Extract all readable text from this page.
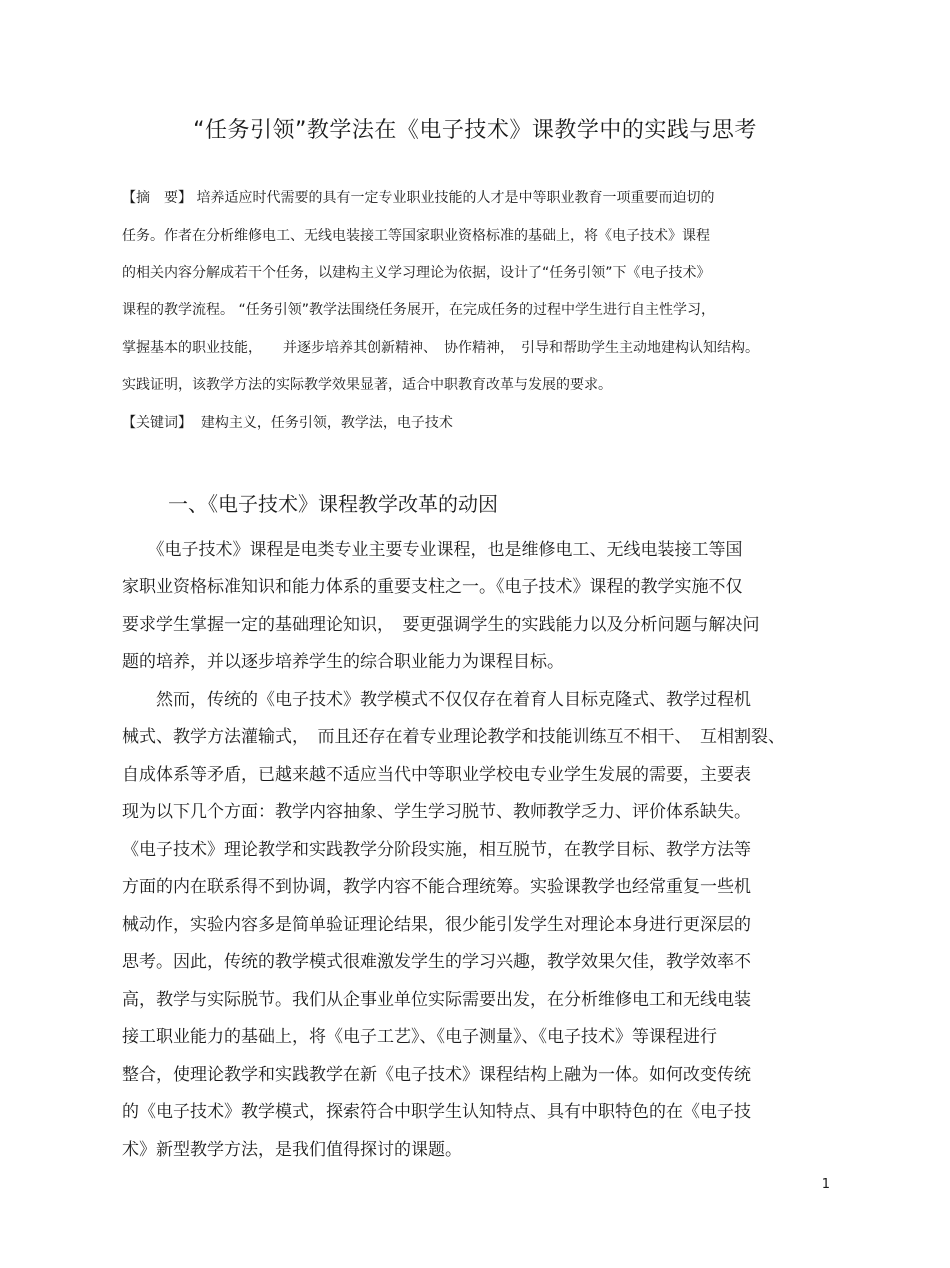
“任务引领”教学法在《电子技术》课教学中的实践与思考
【摘　要】 培养适应时代需要的具有一定专业职业技能的人才是中等职业教育一项重要而迫切的
任务。作者在分析维修电工、无线电装接工等国家职业资格标准的基础上，将《电子技术》课程
的相关内容分解成若干个任务，以建构主义学习理论为依据，设计了“任务引领”下《电子技术》
课程的教学流程。 “任务引领”教学法围绕任务展开，在完成任务的过程中学生进行自主性学习，
掌握基本的职业技能，　　并逐步培养其创新精神、　协作精神，　引导和帮助学生主动地建构认知结构。
实践证明，该教学方法的实际教学效果显著，适合中职教育改革与发展的要求。
【关键词】  建构主义，任务引领，教学法，电子技术
一、《电子技术》课程教学改革的动因
　　《电子技术》课程是电类专业主要专业课程，也是维修电工、无线电装接工等国
家职业资格标准知识和能力体系的重要支柱之一。《电子技术》课程的教学实施不仅
要求学生掌握一定的基础理论知识，　要更强调学生的实践能力以及分析问题与解决问
题的培养，并以逐步培养学生的综合职业能力为课程目标。
　　然而，传统的《电子技术》教学模式不仅仅存在着育人目标克隆式、教学过程机
械式、教学方法灌输式，　而且还存在着专业理论教学和技能训练互不相干、　互相割裂、
自成体系等矛盾，已越来越不适应当代中等职业学校电专业学生发展的需要，主要表
现为以下几个方面：教学内容抽象、学生学习脱节、教师教学乏力、评价体系缺失。
《电子技术》理论教学和实践教学分阶段实施，相互脱节，在教学目标、教学方法等
方面的内在联系得不到协调，教学内容不能合理统筹。实验课教学也经常重复一些机
械动作，实验内容多是简单验证理论结果，很少能引发学生对理论本身进行更深层的
思考。因此，传统的教学模式很难激发学生的学习兴趣，教学效果欠佳，教学效率不
高，教学与实际脱节。我们从企事业单位实际需要出发，在分析维修电工和无线电装
接工职业能力的基础上，将《电子工艺》、《电子测量》、《电子技术》等课程进行
整合，使理论教学和实践教学在新《电子技术》课程结构上融为一体。如何改变传统
的《电子技术》教学模式，探索符合中职学生认知特点、具有中职特色的在《电子技
术》新型教学方法，是我们值得探讨的课题。
1
